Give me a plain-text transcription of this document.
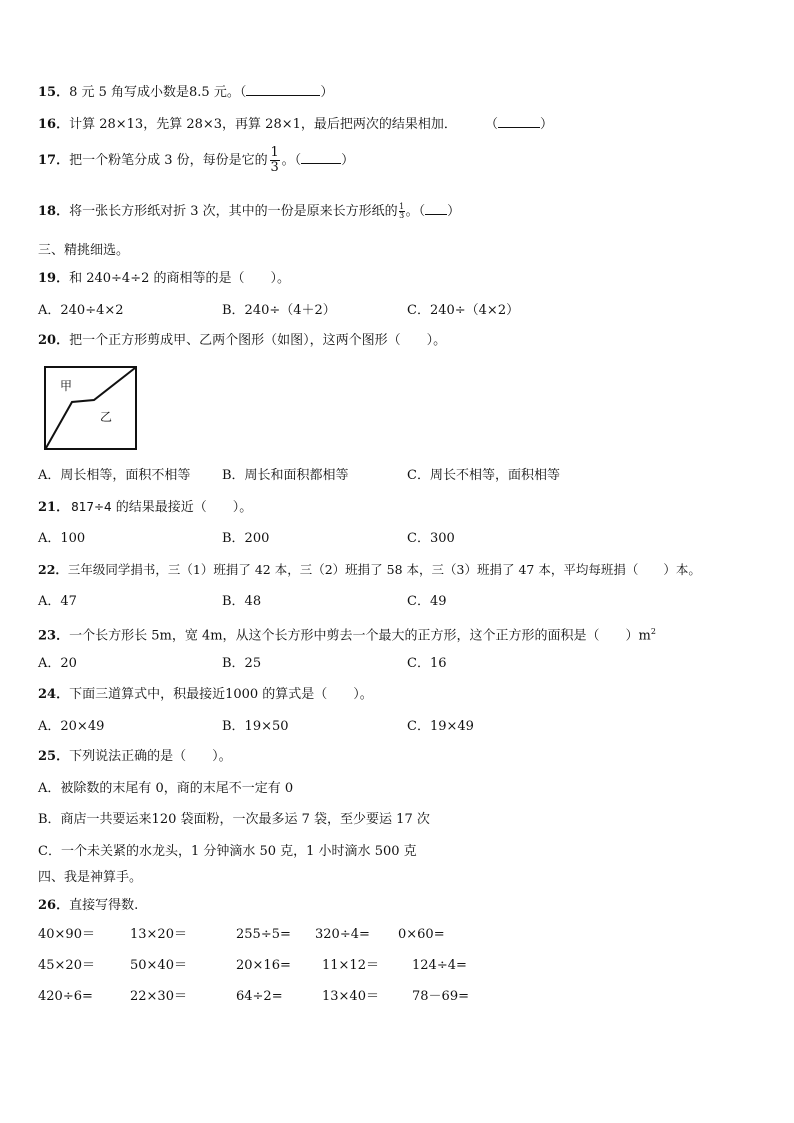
15．8 元 5 角写成小数是8.5 元。（	）
16．计算 28×13，先算 28×3，再算 28×1，最后把两次的结果相加． （	）
17．把一个粉笔分成 3 份，每份是它的 $\frac{1}{3}$ 。（	）
18．将一张长方形纸对折 3 次，其中的一份是原来长方形纸的 $\frac{1}{3}$ 。（ ）
三、精挑细选。
19．和 240÷4÷2 的商相等的是（　　）。
A．240÷4×2	B．240÷（4＋2）	C．240÷（4×2）
20．把一个正方形剪成甲、乙两个图形（如图），这两个图形（　　）。
甲
乙
A．周长相等，面积不相等 B．周长和面积都相等	C．周长不相等，面积相等
21． 817÷4 的结果最接近（　　）。
A．100	B．200	C．300
22．三年级同学捐书，三（1）班捐了 42 本，三（2）班捐了 58 本，三（3）班捐了 47 本，平均每班捐（　　）本。
A．47	B．48	C．49
23．一个长方形长 5m，宽 4m，从这个长方形中剪去一个最大的正方形，这个正方形的面积是（　　）$m^2$
A．20	B．25	C．16
24．下面三道算式中，积最接近1000 的算式是（　　）。
A．20×49	B．19×50	C．19×49
25．下列说法正确的是（　　）。
A．被除数的末尾有 0，商的末尾不一定有 0
B．商店一共要运来120 袋面粉，一次最多运 7 袋，至少要运 17 次
C．一个未关紧的水龙头，1 分钟滴水 50 克，1 小时滴水 500 克
四、我是神算手。
26．直接写得数.
40×90＝	13×20＝	255÷5= 320÷4= 0×60=
45×20＝	50×40＝	20×16= 11×12＝	124÷4=
420÷6=	22×30＝	64÷2=	13×40＝	78－69=
